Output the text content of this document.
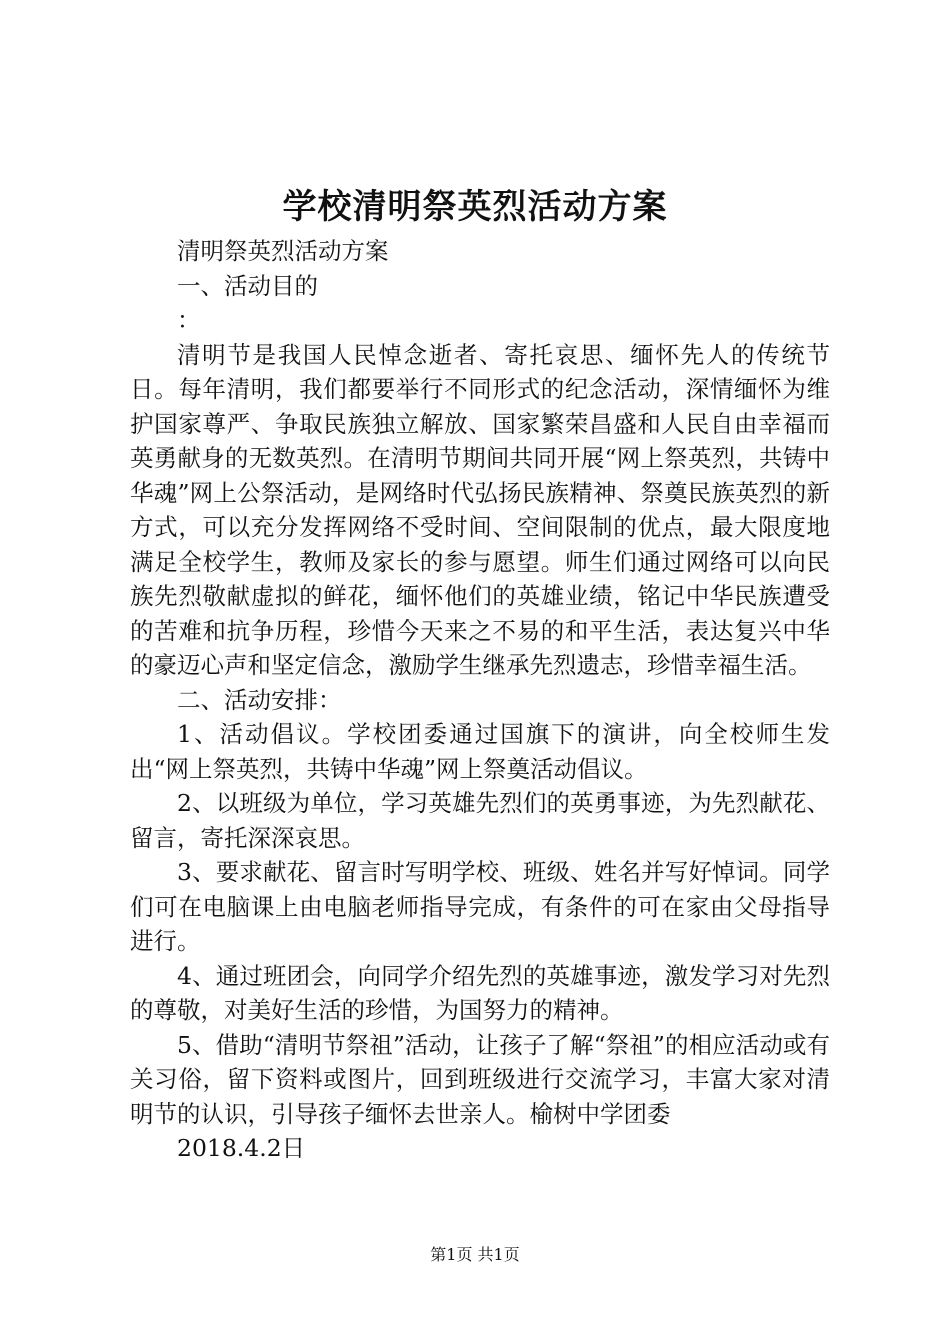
学校清明祭英烈活动方案

清明祭英烈活动方案

一、活动目的

：

清明节是我国人民悼念逝者、寄托哀思、缅怀先人的传统节日。每年清明，我们都要举行不同形式的纪念活动，深情缅怀为维护国家尊严、争取民族独立解放、国家繁荣昌盛和人民自由幸福而英勇献身的无数英烈。在清明节期间共同开展“网上祭英烈，共铸中华魂”网上公祭活动，是网络时代弘扬民族精神、祭奠民族英烈的新方式，可以充分发挥网络不受时间、空间限制的优点，最大限度地满足全校学生，教师及家长的参与愿望。师生们通过网络可以向民族先烈敬献虚拟的鲜花，缅怀他们的英雄业绩，铭记中华民族遭受的苦难和抗争历程，珍惜今天来之不易的和平生活，表达复兴中华的豪迈心声和坚定信念，激励学生继承先烈遗志，珍惜幸福生活。

二、活动安排：

1、活动倡议。学校团委通过国旗下的演讲，向全校师生发出“网上祭英烈，共铸中华魂”网上祭奠活动倡议。

2、以班级为单位，学习英雄先烈们的英勇事迹，为先烈献花、留言，寄托深深哀思。

3、要求献花、留言时写明学校、班级、姓名并写好悼词。同学们可在电脑课上由电脑老师指导完成，有条件的可在家由父母指导进行。

4、通过班团会，向同学介绍先烈的英雄事迹，激发学习对先烈的尊敬，对美好生活的珍惜，为国努力的精神。

5、借助“清明节祭祖”活动，让孩子了解“祭祖”的相应活动或有关习俗，留下资料或图片，回到班级进行交流学习，丰富大家对清明节的认识，引导孩子缅怀去世亲人。榆树中学团委

2018.4.2日

第1页 共1页
